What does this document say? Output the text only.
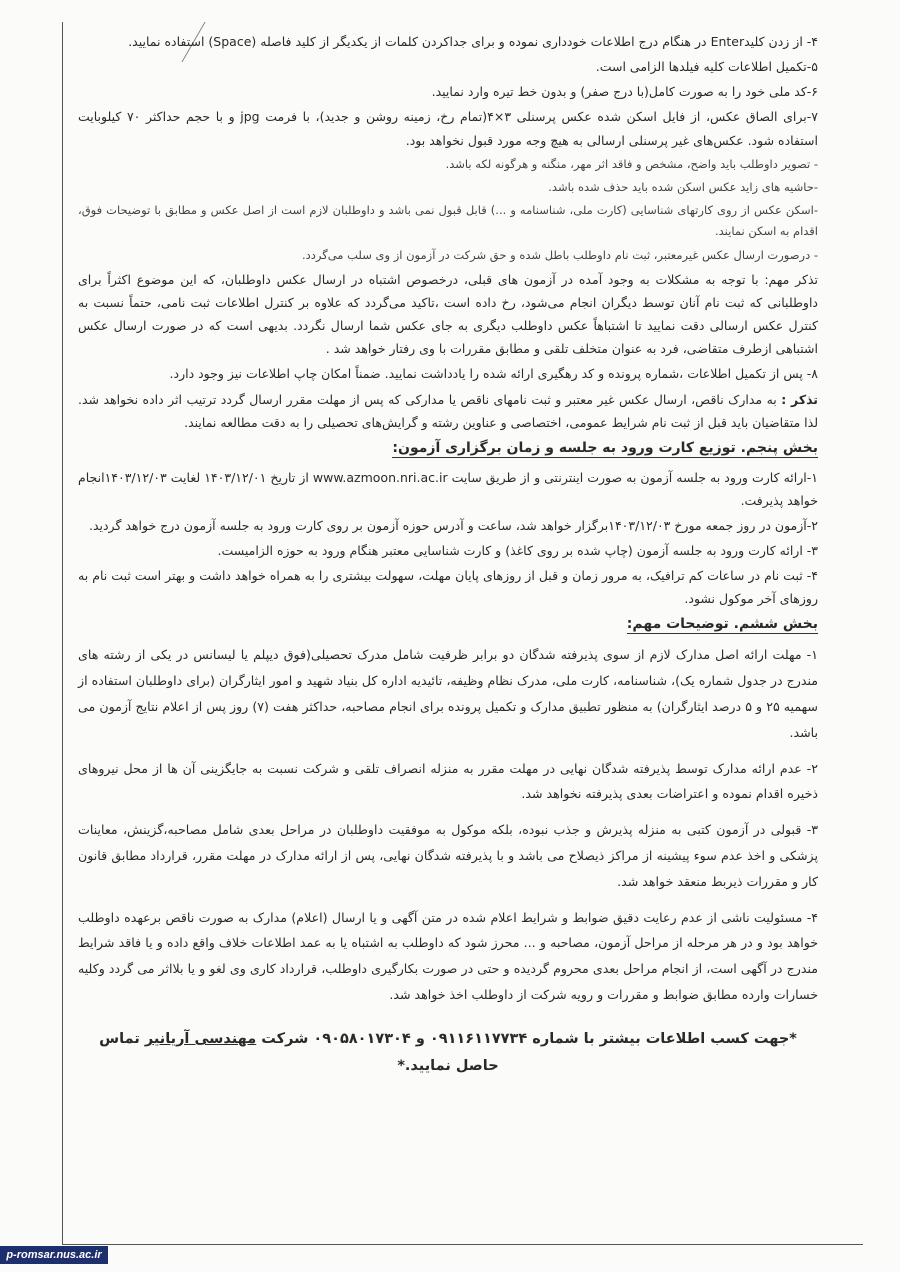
۴- از زدن کلیدEnter در هنگام درج اطلاعات خودداری نموده و برای جداکردن کلمات از یکدیگر از کلید فاصله (Space) استفاده نمایید.

۵-تکمیل اطلاعات کلیه فیلدها الزامی است.

۶-کد ملی خود را به صورت کامل(با درج صفر) و بدون خط تیره وارد نمایید.

۷-برای الصاق عکس، از فایل اسکن شده عکس پرسنلی ۳×۴(تمام رخ، زمینه روشن و جدید)، با فرمت jpg و با حجم حداکثر ۷۰ کیلوبایت استفاده شود. عکس‌های غیر پرسنلی ارسالی به هیچ وجه مورد قبول نخواهد بود.

- تصویر داوطلب باید واضح، مشخص و فاقد اثر مهر، منگنه و هرگونه لکه باشد.

-حاشیه های زاید عکس اسکن شده باید حذف شده باشد.

-اسکن عکس از روی کارتهای شناسایی (کارت ملی، شناسنامه و ...) قابل قبول نمی باشد و داوطلبان لازم است از اصل عکس و مطابق با توضیحات فوق، اقدام به اسکن نمایند.

- درصورت ارسال عکس غیرمعتبر، ثبت نام داوطلب باطل شده و حق شرکت در آزمون از وی سلب می‌گردد.

تذکر مهم: با توجه به مشکلات به وجود آمده در آزمون های قبلی، درخصوص اشتباه در ارسال عکس داوطلبان، که این موضوع اکثراً برای داوطلبانی که ثبت نام آنان توسط دیگران انجام می‌شود، رخ داده است ،تاکید می‌گردد که علاوه بر کنترل اطلاعات ثبت نامی، حتماً نسبت به کنترل عکس ارسالی دقت نمایید تا اشتباهاً عکس داوطلب دیگری به جای عکس شما ارسال نگردد. بدیهی است که در صورت ارسال عکس اشتباهی ازطرف متقاضی، فرد به عنوان متخلف تلقی و مطابق مقررات با وی رفتار خواهد شد .

۸- پس از تکمیل اطلاعات ،شماره پرونده و کد رهگیری ارائه شده را یادداشت نمایید. ضمناً امکان چاپ اطلاعات نیز وجود دارد.

تذکر : به مدارک ناقص، ارسال عکس غیر معتبر و ثبت نامهای ناقص یا مدارکی که پس از مهلت مقرر ارسال گردد ترتیب اثر داده نخواهد شد. لذا متقاضیان باید قبل از ثبت نام شرایط عمومی، اختصاصی و عناوین رشته و گرایش‌های تحصیلی را به دقت مطالعه نمایند.

بخش پنجم. توزیع کارت ورود به جلسه و زمان برگزاری آزمون:

۱-ارائه کارت ورود به جلسه آزمون به صورت اینترنتی و از طریق سایت www.azmoon.nri.ac.ir از تاریخ ۱۴۰۳/۱۲/۰۱ لغایت ۱۴۰۳/۱۲/۰۳انجام خواهد پذیرفت.

۲-آزمون در روز جمعه مورخ ۱۴۰۳/۱۲/۰۳برگزار خواهد شد، ساعت و آدرس حوزه آزمون بر روی کارت ورود به جلسه آزمون درج خواهد گردید.

۳- ارائه کارت ورود به جلسه آزمون (چاپ شده بر روی کاغذ) و کارت شناسایی معتبر هنگام ورود به حوزه الزامیست.

۴- ثبت نام در ساعات کم ترافیک، به مرور زمان و قبل از روزهای پایان مهلت، سهولت بیشتری را به همراه خواهد داشت و بهتر است ثبت نام به روزهای آخر موکول نشود.

بخش ششم. توضیحات مهم:

۱- مهلت ارائه اصل مدارک لازم از سوی پذیرفته شدگان دو برابر ظرفیت شامل مدرک تحصیلی(فوق دیپلم یا لیسانس در یکی از رشته های مندرج در جدول شماره یک)، شناسنامه، کارت ملی، مدرک نظام وظیفه، تائیدیه اداره کل بنیاد شهید و امور ایثارگران (برای داوطلبان استفاده از سهمیه ۲۵ و ۵ درصد ایثارگران) به منظور تطبیق مدارک و تکمیل پرونده برای انجام مصاحبه، حداکثر هفت (۷) روز پس از اعلام نتایج آزمون می باشد.

۲- عدم ارائه مدارک توسط پذیرفته شدگان نهایی در مهلت مقرر به منزله انصراف تلقی و شرکت نسبت به جایگزینی آن ها از محل نیروهای ذخیره اقدام نموده و اعتراضات بعدی پذیرفته نخواهد شد.

۳- قبولی در آزمون کتبی به منزله پذیرش و جذب نبوده، بلکه موکول به موفقیت داوطلبان در مراحل بعدی شامل مصاحبه،گزینش، معاینات پزشکی و اخذ عدم سوء پیشینه از مراکز ذیصلاح می باشد و با پذیرفته شدگان نهایی، پس از ارائه مدارک در مهلت مقرر، قرارداد مطابق قانون کار و مقررات ذیربط منعقد خواهد شد.

۴- مسئولیت ناشی از عدم رعایت دقیق ضوابط و شرایط اعلام شده در متن آگهی و یا ارسال (اعلام) مدارک به صورت ناقص برعهده داوطلب خواهد بود و در هر مرحله از مراحل آزمون، مصاحبه و ... محرز شود که داوطلب به اشتباه یا به عمد اطلاعات خلاف واقع داده و یا فاقد شرایط مندرج در آگهی است، از انجام مراحل بعدی محروم گردیده و حتی در صورت بکارگیری داوطلب، قرارداد کاری وی لغو و یا بلااثر می گردد وکلیه خسارات وارده مطابق ضوابط و مقررات و رویه شرکت از داوطلب اخذ خواهد شد.

*جهت کسب اطلاعات بیشتر با شماره ۰۹۱۱۶۱۱۷۷۳۴ و ۰۹۰۵۸۰۱۷۳۰۴ شرکت مهندسی آریانیر تماس حاصل نمایید.*

p-romsar.nus.ac.ir
